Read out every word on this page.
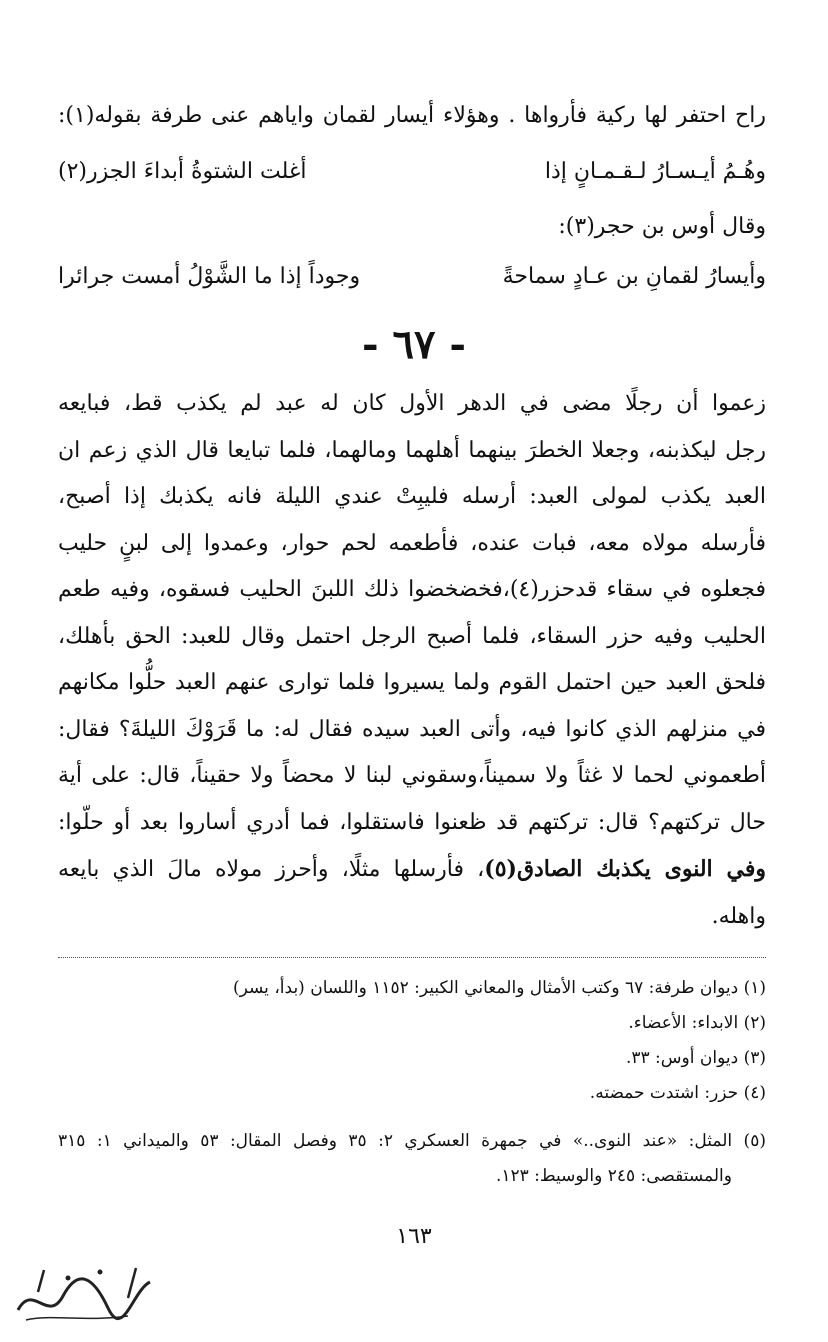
راح احتفر لها ركية فأرواها . وهؤلاء أيسار لقمان واياهم عنى طرفة بقوله(١):
وهُـمُ أيـسـارُ لـقـمـانٍ إذا
أغلت الشتوةُ أبداءَ الجزر(٢)
وقال أوس بن حجر(٣):
وأيسارُ لقمانِ بن عـادٍ سماحةً
وجوداً إذا ما الشَّوْلُ أمست جرائرا
- ٦٧ -
زعموا أن رجلًا مضى في الدهر الأول كان له عبد لم يكذب قط، فبايعه
رجل ليكذبنه، وجعلا الخطرَ بينهما أهلهما ومالهما، فلما تبايعا قال الذي زعم ان
العبد يكذب لمولى العبد: أرسله فليبِتْ عندي الليلة فانه يكذبك إذا أصبح،
فأرسله مولاه معه، فبات عنده، فأطعمه لحم حوار، وعمدوا إلى لبنٍ حليب
فجعلوه في سقاء قدحزر(٤)،فخضخضوا ذلك اللبنَ الحليب فسقوه، وفيه طعم
الحليب وفيه حزر السقاء، فلما أصبح الرجل احتمل وقال للعبد: الحق بأهلك،
فلحق العبد حين احتمل القوم ولما يسيروا فلما توارى عنهم العبد حلُّوا مكانهم
في منزلهم الذي كانوا فيه، وأتى العبد سيده فقال له: ما قَرَوْكَ الليلةَ؟ فقال:
أطعموني لحما لا غثاً ولا سميناً،وسقوني لبنا لا محضاً ولا حقيناً، قال: على أية
حال تركتهم؟ قال: تركتهم قد ظعنوا فاستقلوا، فما أدري أساروا بعد أو حلّوا:
وفي النوى يكذبك الصادق(٥)، فأرسلها مثلًا، وأحرز مولاه مالَ الذي بايعه
واهله.
(١) ديوان طرفة: ٦٧ وكتب الأمثال والمعاني الكبير: ١١٥٢ واللسان (بدأ، يسر)
(٢) الابداء: الأعضاء.
(٣) ديوان أوس: ٣٣.
(٤) حزر: اشتدت حمضته.
(٥) المثل: «عند النوى..» في جمهرة العسكري ٢: ٣٥ وفصل المقال: ٥٣ والميداني ١: ٣١٥
والمستقصى: ٢٤٥ والوسيط: ١٢٣.
١٦٣
